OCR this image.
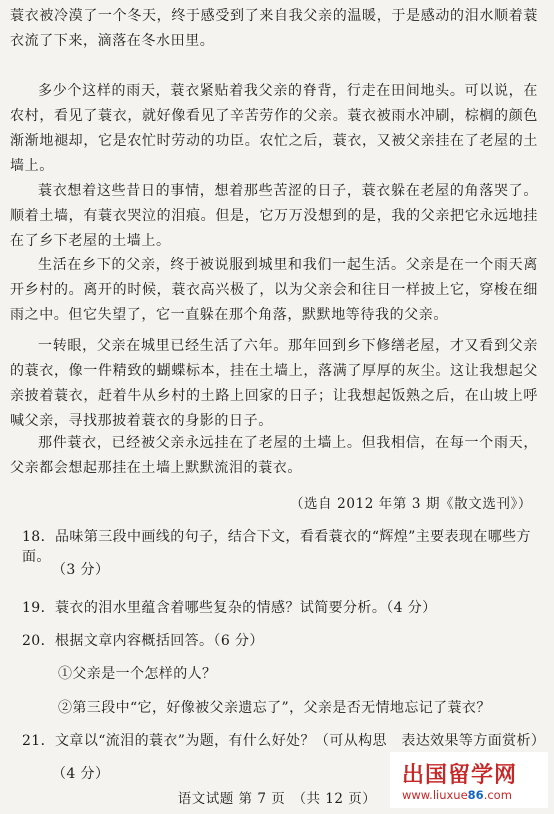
蓑衣被冷漠了一个冬天，终于感受到了来自我父亲的温暖，于是感动的泪水顺着蓑衣流了下来，滴落在冬水田里。

多少个这样的雨天，蓑衣紧贴着我父亲的脊背，行走在田间地头。可以说，在农村，看见了蓑衣，就好像看见了辛苦劳作的父亲。蓑衣被雨水冲刷，棕榈的颜色渐渐地褪却，它是农忙时劳动的功臣。农忙之后，蓑衣，又被父亲挂在了老屋的土墙上。

蓑衣想着这些昔日的事情，想着那些苦涩的日子，蓑衣躲在老屋的角落哭了。顺着土墙，有蓑衣哭泣的泪痕。但是，它万万没想到的是，我的父亲把它永远地挂在了乡下老屋的土墙上。

生活在乡下的父亲，终于被说服到城里和我们一起生活。父亲是在一个雨天离开乡村的。离开的时候，蓑衣高兴极了，以为父亲会和往日一样披上它，穿梭在细雨之中。但它失望了，它一直躲在那个角落，默默地等待我的父亲。

一转眼，父亲在城里已经生活了六年。那年回到乡下修缮老屋，才又看到父亲的蓑衣，像一件精致的蝴蝶标本，挂在土墙上，落满了厚厚的灰尘。这让我想起父亲披着蓑衣，赶着牛从乡村的土路上回家的日子；让我想起饭熟之后，在山坡上呼喊父亲，寻找那披着蓑衣的身影的日子。

那件蓑衣，已经被父亲永远挂在了老屋的土墙上。但我相信，在每一个雨天，父亲都会想起那挂在土墙上默默流泪的蓑衣。

（选自 2012 年第 3 期《散文选刊》）

18．品味第三段中画线的句子，结合下文，看看蓑衣的“辉煌”主要表现在哪些方面。

（3 分）

19．蓑衣的泪水里蕴含着哪些复杂的情感？试简要分析。（4 分）

20．根据文章内容概括回答。（6 分）

①父亲是一个怎样的人？

②第三段中“它，好像被父亲遗忘了”，父亲是否无情地忘记了蓑衣？

21．文章以“流泪的蓑衣”为题，有什么好处？（可从构思　表达效果等方面赏析）

（4 分）

语文试题 第 7 页　（共 12 页）

出国留学网
www.liuxue86.com
